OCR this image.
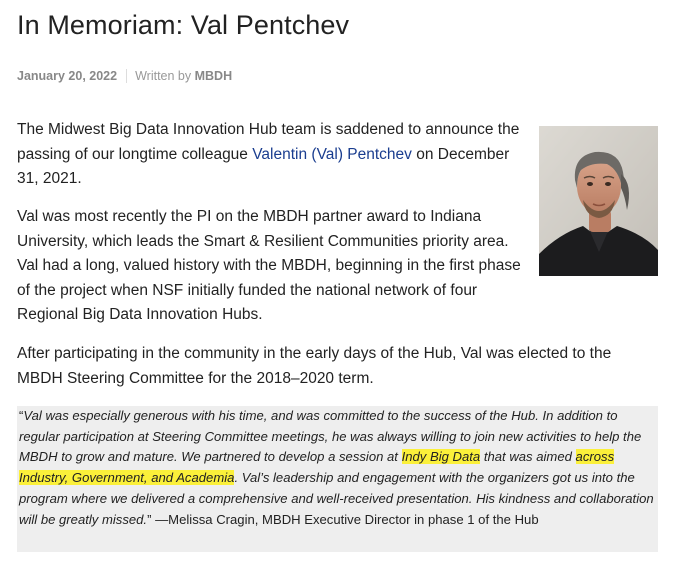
In Memoriam: Val Pentchev
January 20, 2022 Written by
MBDH

The Midwest Big Data Innovation Hub team is saddened to announce the passing of our longtime colleague Valentin (Val) Pentchev on December 31, 2021.

Val was most recently the PI on the MBDH partner award to Indiana University, which leads the Smart & Resilient Communities priority area. Val had a long, valued history with the MBDH, beginning in the first phase of the project when NSF initially funded the national network of four Regional Big Data Innovation Hubs.

After participating in the community in the early days of the Hub, Val was elected to the MBDH Steering Committee for the 2018–2020 term.

“Val was especially generous with his time, and was committed to the success of the Hub. In addition to regular participation at Steering Committee meetings, he was always willing to join new activities to help the MBDH to grow and mature. We partnered to develop a session at Indy Big Data that was aimed across Industry, Government, and Academia. Val’s leadership and engagement with the organizers got us into the program where we delivered a comprehensive and well-received presentation. His kindness and collaboration will be greatly missed.” —Melissa Cragin, MBDH Executive Director in phase 1 of the Hub
